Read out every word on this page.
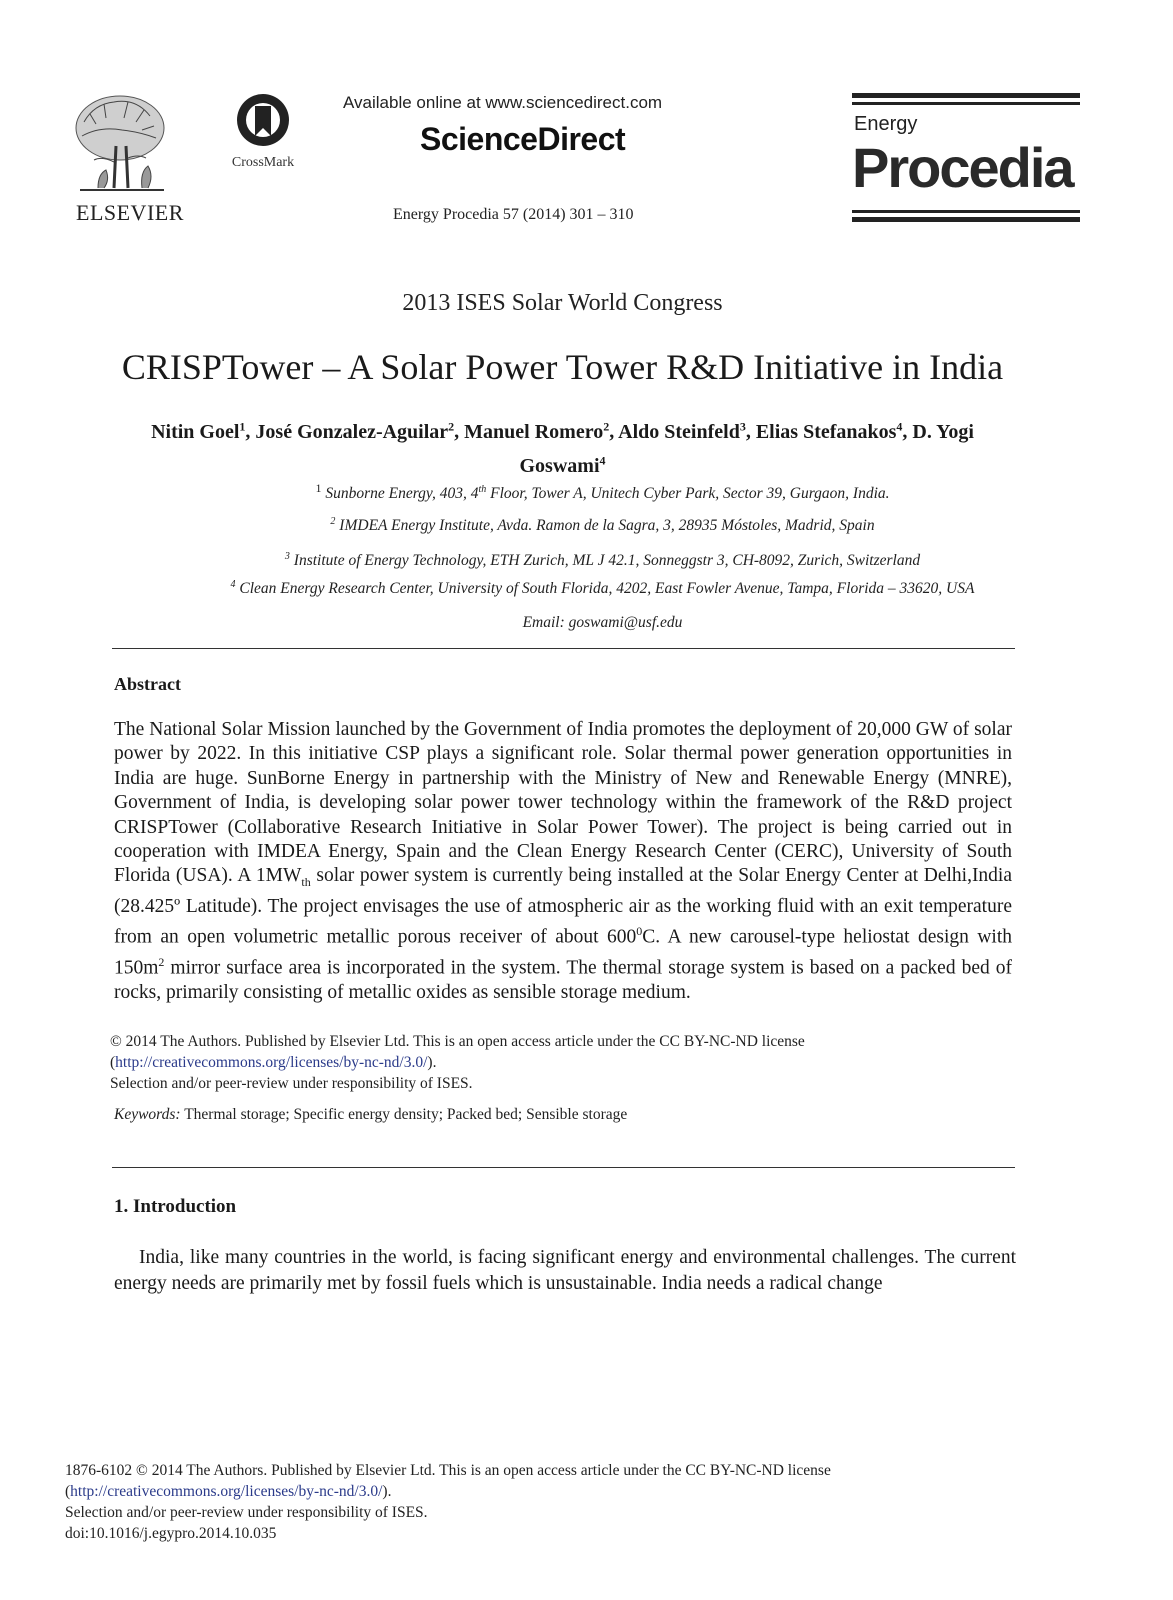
ELSEVIER
CrossMark
Available online at www.sciencedirect.com
ScienceDirect
Energy Procedia 57 (2014) 301 – 310
Energy
Procedia
2013 ISES Solar World Congress
CRISPTower – A Solar Power Tower R&D Initiative in India
Nitin Goel$^1$, José Gonzalez-Aguilar$^2$, Manuel Romero$^2$, Aldo Steinfeld$^3$, Elias Stefanakos$^4$, D. Yogi
Goswami$^4$
$^1$ Sunborne Energy, 403, 4th Floor, Tower A, Unitech Cyber Park, Sector 39, Gurgaon, India.
$^2$ IMDEA Energy Institute, Avda. Ramon de la Sagra, 3, 28935 Móstoles, Madrid, Spain
$^3$ Institute of Energy Technology, ETH Zurich, ML J 42.1, Sonneggstr 3, CH-8092, Zurich, Switzerland
$^4$ Clean Energy Research Center, University of South Florida, 4202, East Fowler Avenue, Tampa, Florida – 33620, USA
Email: goswami@usf.edu
Abstract
The National Solar Mission launched by the Government of India promotes the deployment of 20,000 GW of solar power by 2022. In this initiative CSP plays a significant role. Solar thermal power generation opportunities in India are huge. SunBorne Energy in partnership with the Ministry of New and Renewable Energy (MNRE), Government of India, is developing solar power tower technology within the framework of the R&D project CRISPTower (Collaborative Research Initiative in Solar Power Tower). The project is being carried out in cooperation with IMDEA Energy, Spain and the Clean Energy Research Center (CERC), University of South Florida (USA). A $1MW_{th}$ solar power system is currently being installed at the Solar Energy Center at Delhi,India (28.425º Latitude). The project envisages the use of atmospheric air as the working fluid with an exit temperature from an open volumetric metallic porous receiver of about $600^0C$. A new carousel-type heliostat design with $150m^2$ mirror surface area is incorporated in the system. The thermal storage system is based on a packed bed of rocks, primarily consisting of metallic oxides as sensible storage medium.
© 2014 The Authors. Published by Elsevier Ltd. This is an open access article under the CC BY-NC-ND license
(http://creativecommons.org/licenses/by-nc-nd/3.0/).
Selection and/or peer-review under responsibility of ISES.
Keywords: Thermal storage; Specific energy density; Packed bed; Sensible storage
1. Introduction
India, like many countries in the world, is facing significant energy and environmental challenges. The current energy needs are primarily met by fossil fuels which is unsustainable. India needs a radical change
1876-6102 © 2014 The Authors. Published by Elsevier Ltd. This is an open access article under the CC BY-NC-ND license
(http://creativecommons.org/licenses/by-nc-nd/3.0/).
Selection and/or peer-review under responsibility of ISES.
doi:10.1016/j.egypro.2014.10.035
